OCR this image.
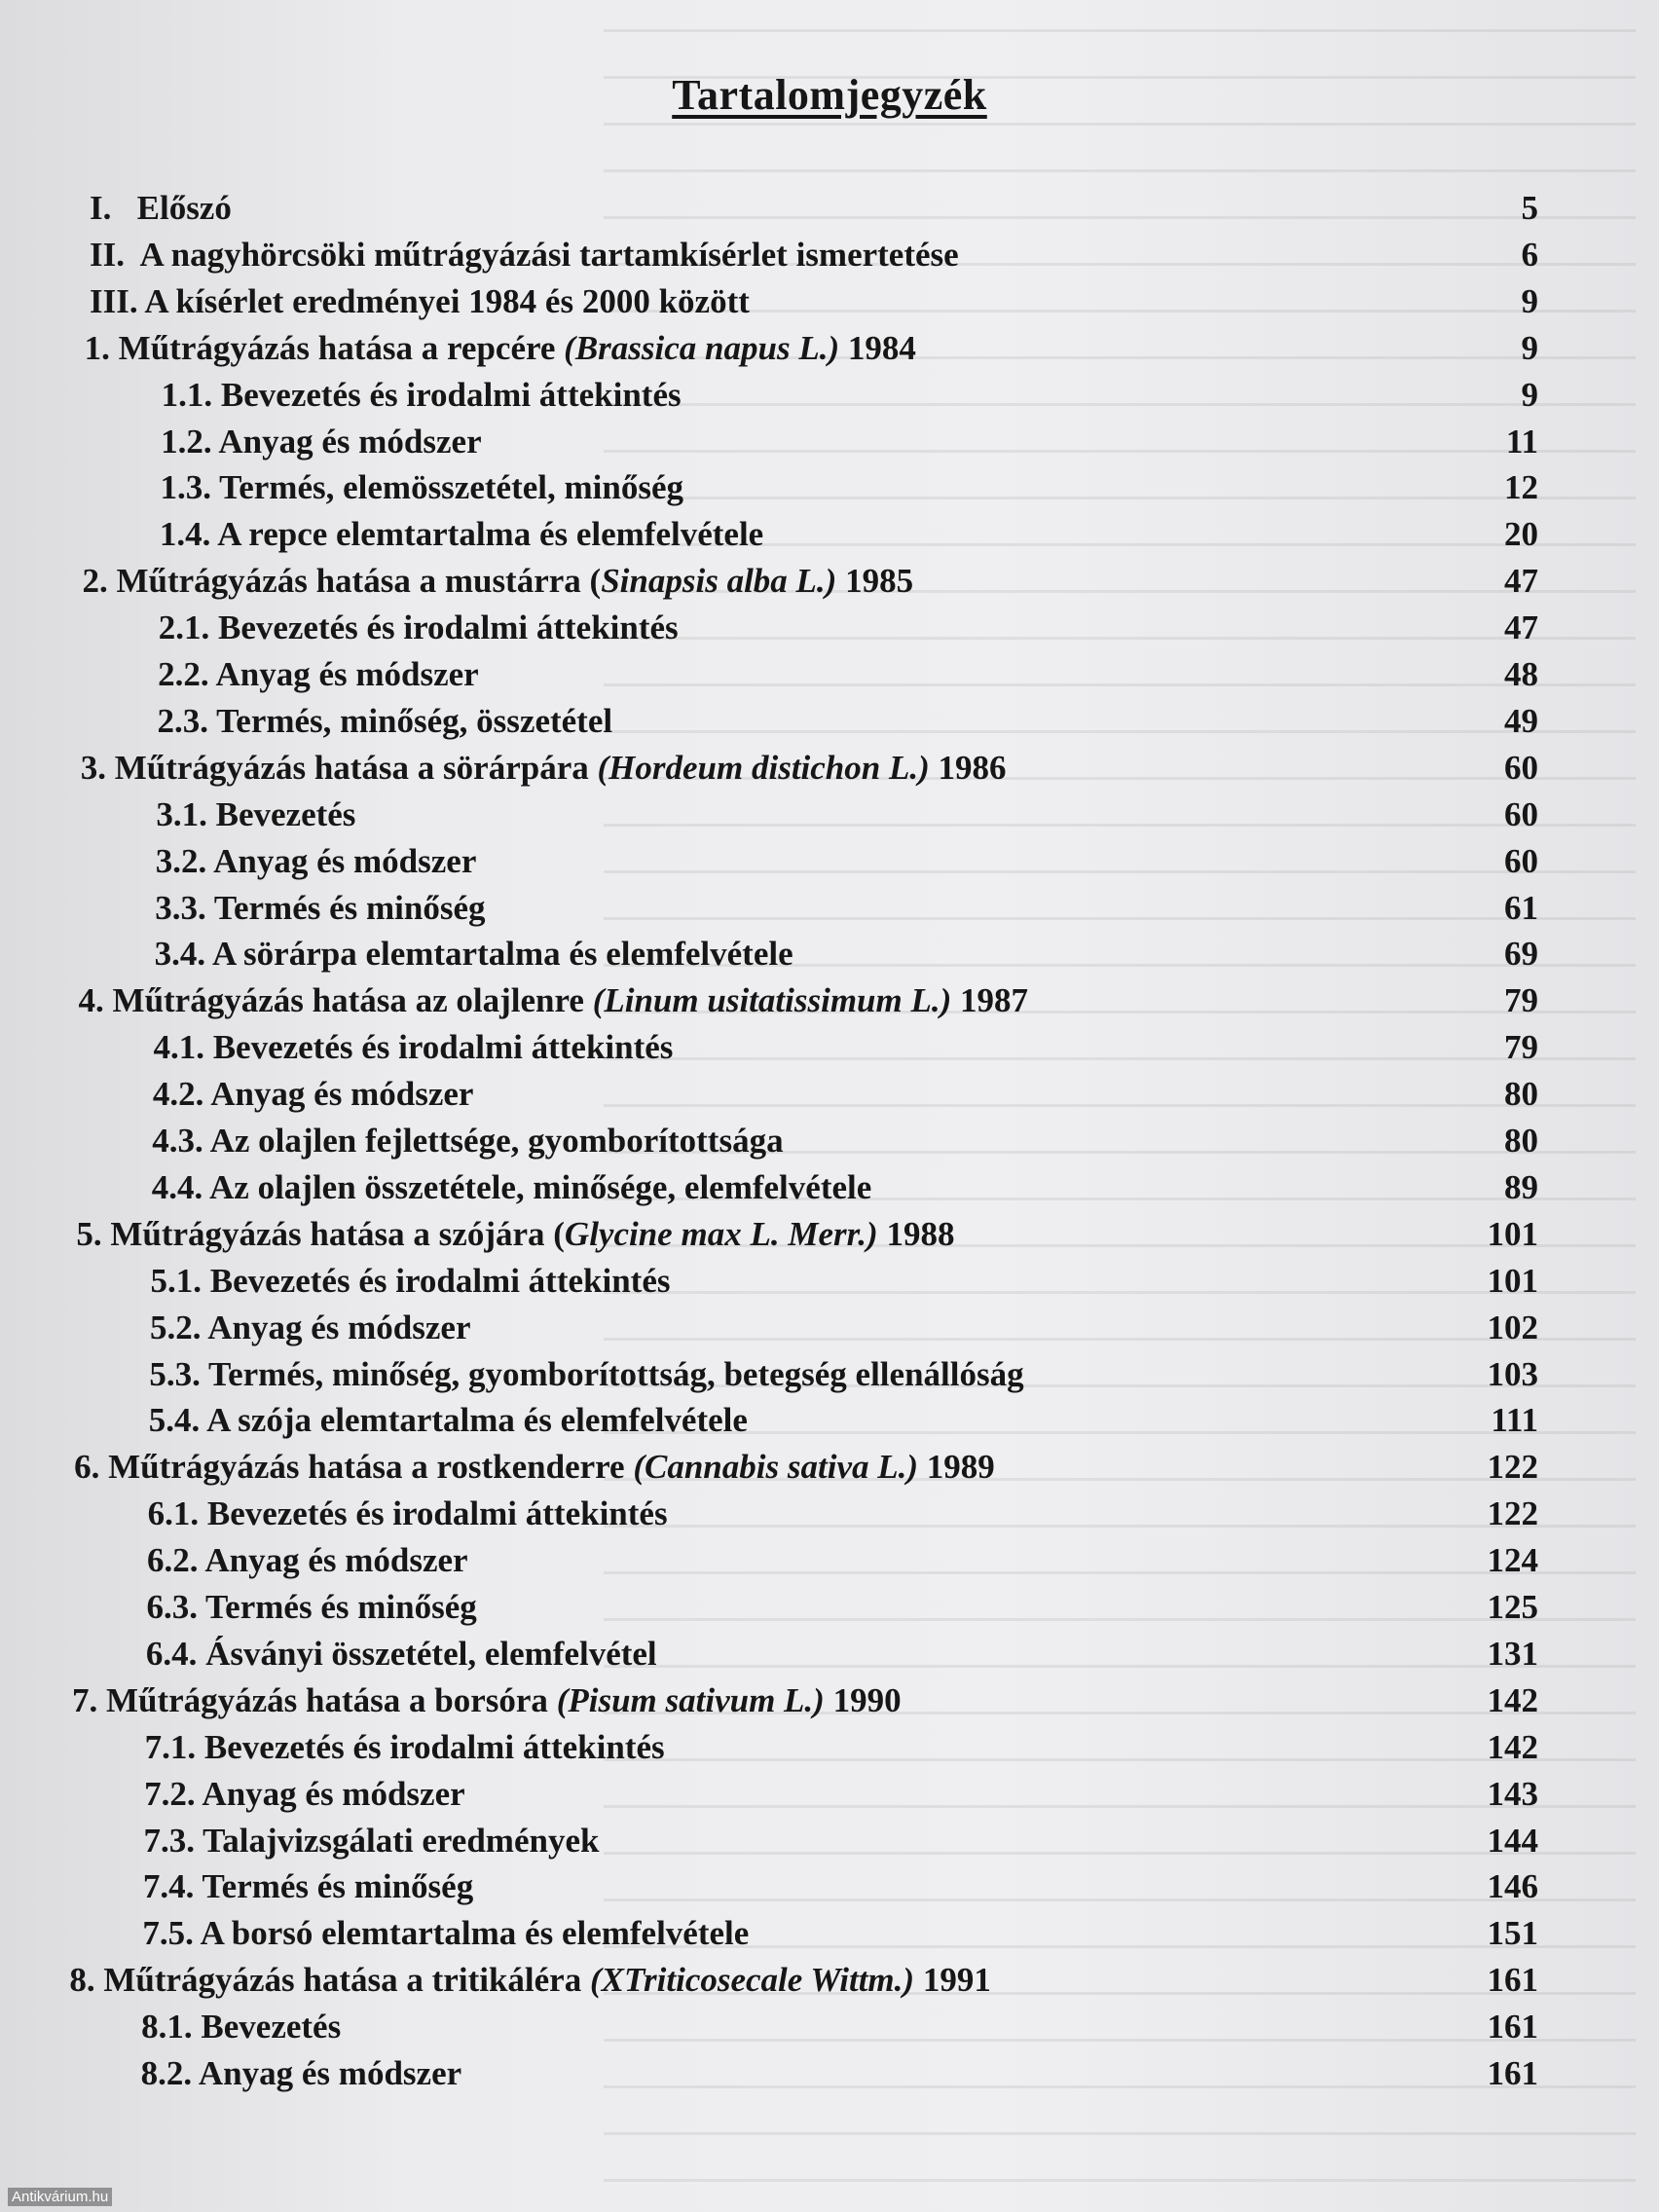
Tartalomjegyzék
I.   Előszó	5
II.  A nagyhörcsöki műtrágyázási tartamkísérlet ismertetése	6
III. A kísérlet eredményei 1984 és 2000 között	9
1. Műtrágyázás hatása a repcére (Brassica napus L.) 1984	9
1.1. Bevezetés és irodalmi áttekintés	9
1.2. Anyag és módszer	11
1.3. Termés, elemösszetétel, minőség	12
1.4. A repce elemtartalma és elemfelvétele	20
2. Műtrágyázás hatása a mustárra (Sinapsis alba L.) 1985	47
2.1. Bevezetés és irodalmi áttekintés	47
2.2. Anyag és módszer	48
2.3. Termés, minőség, összetétel	49
3. Műtrágyázás hatása a sörárpára (Hordeum distichon L.) 1986	60
3.1. Bevezetés	60
3.2. Anyag és módszer	60
3.3. Termés és minőség	61
3.4. A sörárpa elemtartalma és elemfelvétele	69
4. Műtrágyázás hatása az olajlenre (Linum usitatissimum L.) 1987	79
4.1. Bevezetés és irodalmi áttekintés	79
4.2. Anyag és módszer	80
4.3. Az olajlen fejlettsége, gyomborítottsága	80
4.4. Az olajlen összetétele, minősége, elemfelvétele	89
5. Műtrágyázás hatása a szójára (Glycine max L. Merr.) 1988	101
5.1. Bevezetés és irodalmi áttekintés	101
5.2. Anyag és módszer	102
5.3. Termés, minőség, gyomborítottság, betegség ellenállóság	103
5.4. A szója elemtartalma és elemfelvétele	111
6. Műtrágyázás hatása a rostkenderre (Cannabis sativa L.) 1989	122
6.1. Bevezetés és irodalmi áttekintés	122
6.2. Anyag és módszer	124
6.3. Termés és minőség	125
6.4. Ásványi összetétel, elemfelvétel	131
7. Műtrágyázás hatása a borsóra (Pisum sativum L.) 1990	142
7.1. Bevezetés és irodalmi áttekintés	142
7.2. Anyag és módszer	143
7.3. Talajvizsgálati eredmények	144
7.4. Termés és minőség	146
7.5. A borsó elemtartalma és elemfelvétele	151
8. Műtrágyázás hatása a tritikáléra (XTriticosecale Wittm.) 1991	161
8.1. Bevezetés	161
8.2. Anyag és módszer	161
Antikvárium.hu
